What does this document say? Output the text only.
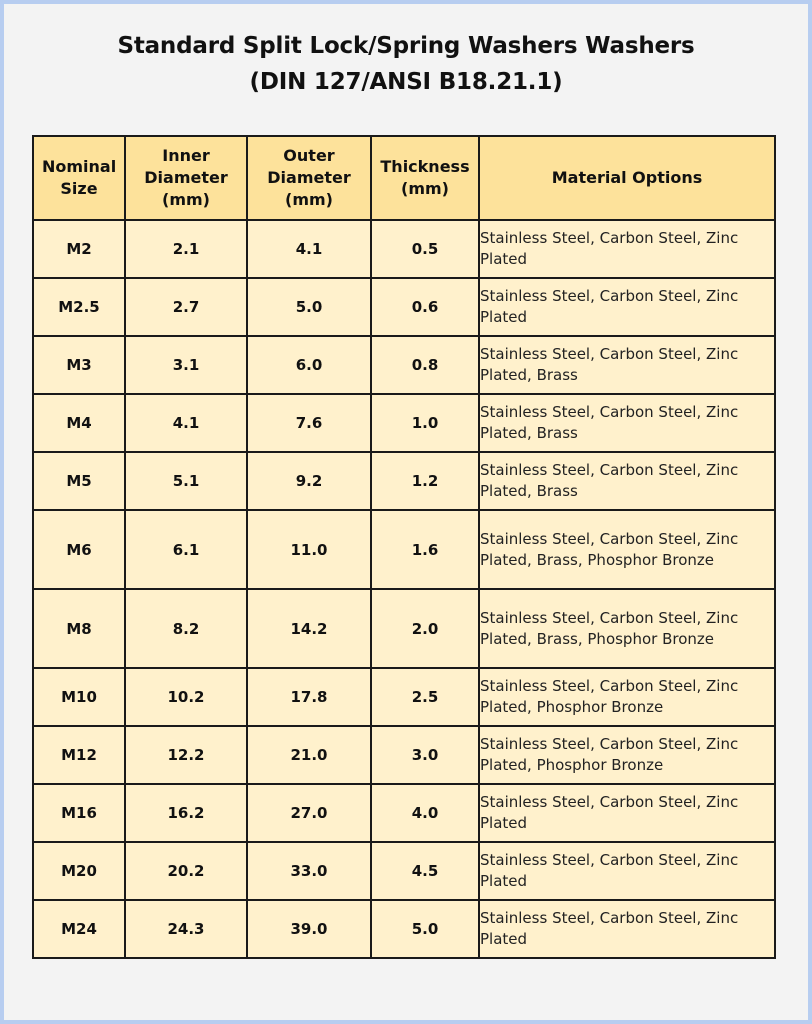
Standard Split Lock/Spring Washers Washers
(DIN 127/ANSI B18.21.1)
Nominal Size	Inner Diameter (mm)	Outer Diameter (mm)	Thickness (mm)	Material Options
M2	2.1	4.1	0.5	Stainless Steel, Carbon Steel, Zinc Plated
M2.5	2.7	5.0	0.6	Stainless Steel, Carbon Steel, Zinc Plated
M3	3.1	6.0	0.8	Stainless Steel, Carbon Steel, Zinc Plated, Brass
M4	4.1	7.6	1.0	Stainless Steel, Carbon Steel, Zinc Plated, Brass
M5	5.1	9.2	1.2	Stainless Steel, Carbon Steel, Zinc Plated, Brass
M6	6.1	11.0	1.6	Stainless Steel, Carbon Steel, Zinc Plated, Brass, Phosphor Bronze
M8	8.2	14.2	2.0	Stainless Steel, Carbon Steel, Zinc Plated, Brass, Phosphor Bronze
M10	10.2	17.8	2.5	Stainless Steel, Carbon Steel, Zinc Plated, Phosphor Bronze
M12	12.2	21.0	3.0	Stainless Steel, Carbon Steel, Zinc Plated, Phosphor Bronze
M16	16.2	27.0	4.0	Stainless Steel, Carbon Steel, Zinc Plated
M20	20.2	33.0	4.5	Stainless Steel, Carbon Steel, Zinc Plated
M24	24.3	39.0	5.0	Stainless Steel, Carbon Steel, Zinc Plated
